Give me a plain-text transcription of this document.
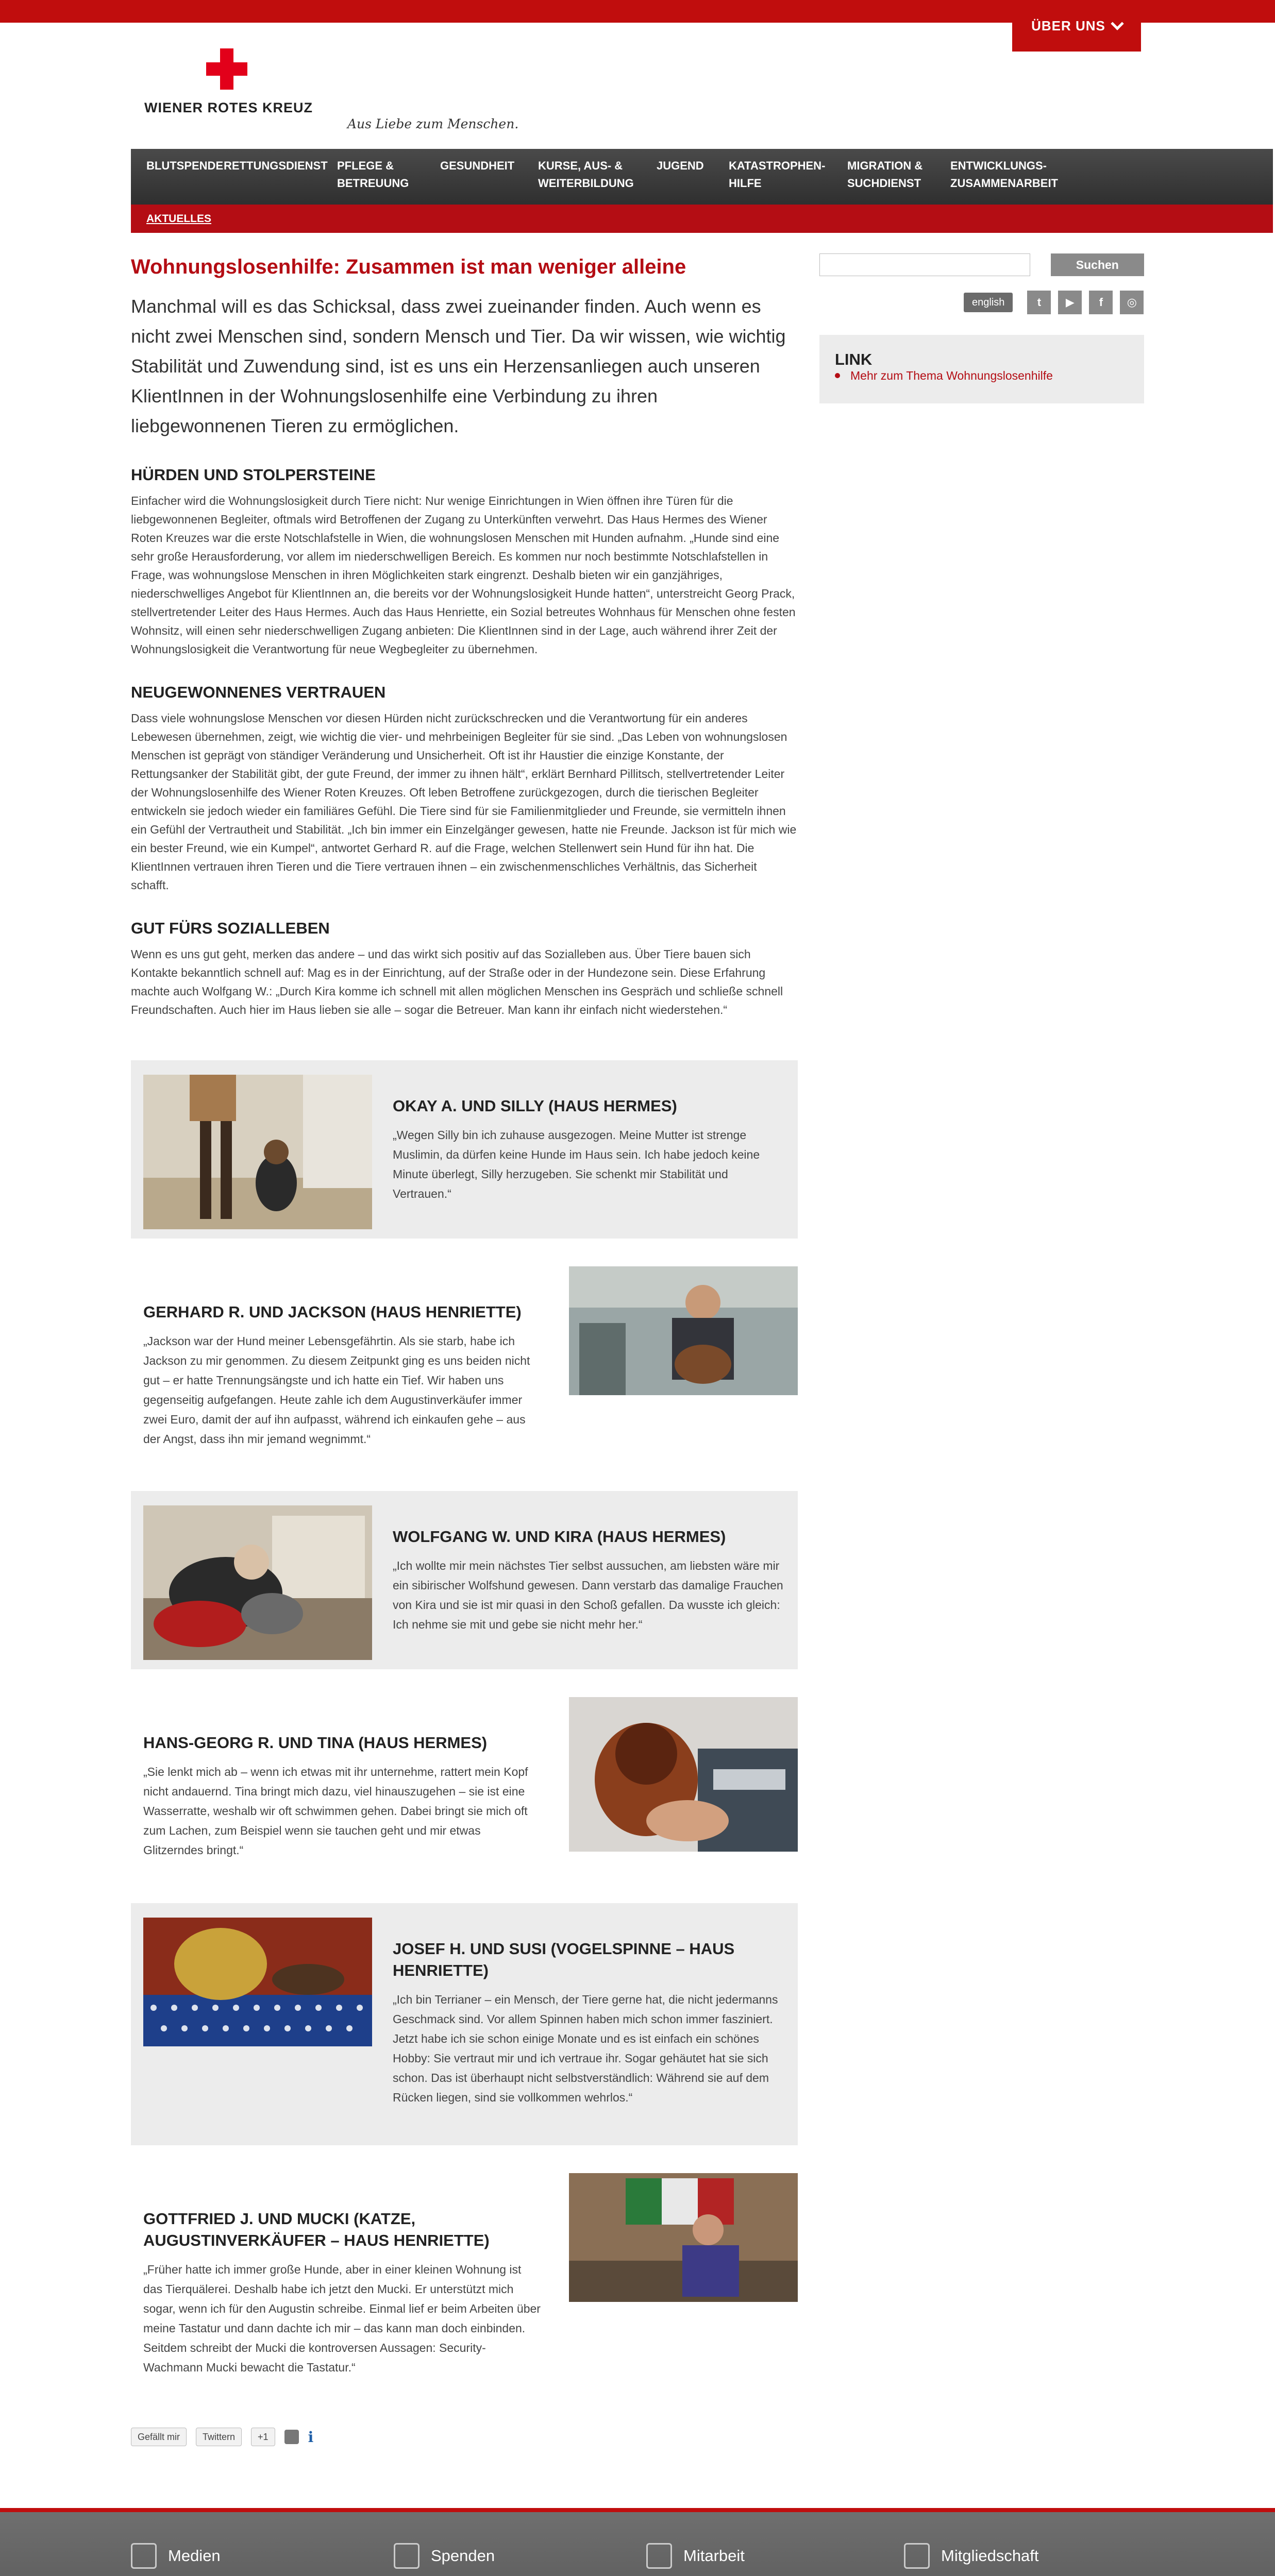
ÜBER UNS
WIENER ROTES KREUZ
Aus Liebe zum Menschen.
BLUTSPENDE RETTUNGSDIENST PFLEGE & BETREUUNG
GESUNDHEIT	KURSE, AUS- & WEITERBILDUNG
JUGEND	KATASTROPHEN-HILFE
MIGRATION & SUCHDIENST
ENTWICKLUNGS-ZUSAMMENARBEIT
AKTUELLES
Wohnungslosenhilfe: Zusammen ist man weniger alleine

Manchmal will es das Schicksal, dass zwei zueinander finden. Auch wenn es nicht zwei Menschen sind, sondern Mensch und Tier. Da wir wissen, wie wichtig Stabilität und Zuwendung sind, ist es uns ein Herzensanliegen auch unseren KlientInnen in der Wohnungslosenhilfe eine Verbindung zu ihren liebgewonnenen Tieren zu ermöglichen.

HÜRDEN UND STOLPERSTEINE

Einfacher wird die Wohnungslosigkeit durch Tiere nicht: Nur wenige Einrichtungen in Wien öffnen ihre Türen für die liebgewonnenen Begleiter, oftmals wird Betroffenen der Zugang zu Unterkünften verwehrt. Das Haus Hermes des Wiener Roten Kreuzes war die erste Notschlafstelle in Wien, die wohnungslosen Menschen mit Hunden aufnahm. „Hunde sind eine sehr große Herausforderung, vor allem im niederschwelligen Bereich. Es kommen nur noch bestimmte Notschlafstellen in Frage, was wohnungslose Menschen in ihren Möglichkeiten stark eingrenzt. Deshalb bieten wir ein ganzjähriges, niederschwelliges Angebot für KlientInnen an, die bereits vor der Wohnungslosigkeit Hunde hatten“, unterstreicht Georg Prack, stellvertretender Leiter des Haus Hermes. Auch das Haus Henriette, ein Sozial betreutes Wohnhaus für Menschen ohne festen Wohnsitz, will einen sehr niederschwelligen Zugang anbieten: Die KlientInnen sind in der Lage, auch während ihrer Zeit der Wohnungslosigkeit die Verantwortung für neue Wegbegleiter zu übernehmen.

NEUGEWONNENES VERTRAUEN

Dass viele wohnungslose Menschen vor diesen Hürden nicht zurückschrecken und die Verantwortung für ein anderes Lebewesen übernehmen, zeigt, wie wichtig die vier- und mehrbeinigen Begleiter für sie sind. „Das Leben von wohnungslosen Menschen ist geprägt von ständiger Veränderung und Unsicherheit. Oft ist ihr Haustier die einzige Konstante, der Rettungsanker der Stabilität gibt, der gute Freund, der immer zu ihnen hält“, erklärt Bernhard Pillitsch, stellvertretender Leiter der Wohnungslosenhilfe des Wiener Roten Kreuzes. Oft leben Betroffene zurückgezogen, durch die tierischen Begleiter entwickeln sie jedoch wieder ein familiäres Gefühl. Die Tiere sind für sie Familienmitglieder und Freunde, sie vermitteln ihnen ein Gefühl der Vertrautheit und Stabilität. „Ich bin immer ein Einzelgänger gewesen, hatte nie Freunde. Jackson ist für mich wie ein bester Freund, wie ein Kumpel“, antwortet Gerhard R. auf die Frage, welchen Stellenwert sein Hund für ihn hat. Die KlientInnen vertrauen ihren Tieren und die Tiere vertrauen ihnen – ein zwischenmenschliches Verhältnis, das Sicherheit schafft.

GUT FÜRS SOZIALLEBEN

Wenn es uns gut geht, merken das andere – und das wirkt sich positiv auf das Sozialleben aus. Über Tiere bauen sich Kontakte bekanntlich schnell auf: Mag es in der Einrichtung, auf der Straße oder in der Hundezone sein. Diese Erfahrung machte auch Wolfgang W.: „Durch Kira komme ich schnell mit allen möglichen Menschen ins Gespräch und schließe schnell Freundschaften. Auch hier im Haus lieben sie alle – sogar die Betreuer. Man kann ihr einfach nicht wiederstehen.“

OKAY A. UND SILLY (HAUS HERMES)

„Wegen Silly bin ich zuhause ausgezogen. Meine Mutter ist strenge Muslimin, da dürfen keine Hunde im Haus sein. Ich habe jedoch keine Minute überlegt, Silly herzugeben. Sie schenkt mir Stabilität und Vertrauen.“

GERHARD R. UND JACKSON (HAUS HENRIETTE)

„Jackson war der Hund meiner Lebensgefährtin. Als sie starb, habe ich Jackson zu mir genommen. Zu diesem Zeitpunkt ging es uns beiden nicht gut – er hatte Trennungsängste und ich hatte ein Tief. Wir haben uns gegenseitig aufgefangen. Heute zahle ich dem Augustinverkäufer immer zwei Euro, damit der auf ihn aufpasst, während ich einkaufen gehe – aus der Angst, dass ihn mir jemand wegnimmt.“

WOLFGANG W. UND KIRA (HAUS HERMES)

„Ich wollte mir mein nächstes Tier selbst aussuchen, am liebsten wäre mir ein sibirischer Wolfshund gewesen. Dann verstarb das damalige Frauchen von Kira und sie ist mir quasi in den Schoß gefallen. Da wusste ich gleich: Ich nehme sie mit und gebe sie nicht mehr her.“

HANS-GEORG R. UND TINA (HAUS HERMES)

„Sie lenkt mich ab – wenn ich etwas mit ihr unternehme, rattert mein Kopf nicht andauernd. Tina bringt mich dazu, viel hinauszugehen – sie ist eine Wasserratte, weshalb wir oft schwimmen gehen. Dabei bringt sie mich oft zum Lachen, zum Beispiel wenn sie tauchen geht und mir etwas Glitzerndes bringt.“

JOSEF H. UND SUSI (VOGELSPINNE – HAUS HENRIETTE)

„Ich bin Terrianer – ein Mensch, der Tiere gerne hat, die nicht jedermanns Geschmack sind. Vor allem Spinnen haben mich schon immer fasziniert. Jetzt habe ich sie schon einige Monate und es ist einfach ein schönes Hobby: Sie vertraut mir und ich vertraue ihr. Sogar gehäutet hat sie sich schon. Das ist überhaupt nicht selbstverständlich: Während sie auf dem Rücken liegen, sind sie vollkommen wehrlos.“

GOTTFRIED J. UND MUCKI (KATZE, AUGUSTINVERKÄUFER – HAUS HENRIETTE)

„Früher hatte ich immer große Hunde, aber in einer kleinen Wohnung ist das Tierquälerei. Deshalb habe ich jetzt den Mucki. Er unterstützt mich sogar, wenn ich für den Augustin schreibe. Einmal lief er beim Arbeiten über meine Tastatur und dann dachte ich mir – das kann man doch einbinden. Seitdem schreibt der Mucki die kontroversen Aussagen: Security-Wachmann Mucki bewacht die Tastatur.“

Gefällt mir	Twittern	+1	i
Suchen
english	t	▶	f	◎
LINK
Mehr zum Thema Wohnungslosenhilfe
Medien	Spenden	Mitarbeit	Mitgliedschaft
